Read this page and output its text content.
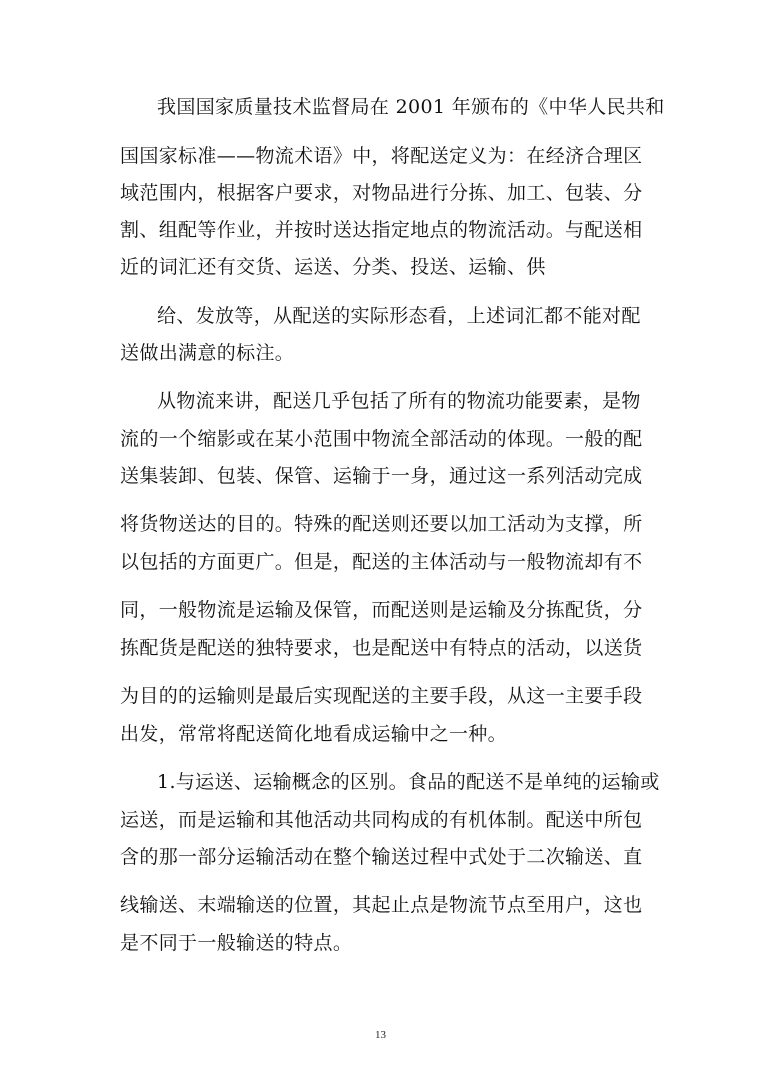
我国国家质量技术监督局在 2001 年颁布的《中华人民共和
国国家标准——物流术语》中，将配送定义为：在经济合理区
域范围内，根据客户要求，对物品进行分拣、加工、包装、分
割、组配等作业，并按时送达指定地点的物流活动。与配送相
近的词汇还有交货、运送、分类、投送、运输、供
给、发放等，从配送的实际形态看，上述词汇都不能对配
送做出满意的标注。
从物流来讲，配送几乎包括了所有的物流功能要素，是物
流的一个缩影或在某小范围中物流全部活动的体现。一般的配
送集装卸、包装、保管、运输于一身，通过这一系列活动完成
将货物送达的目的。特殊的配送则还要以加工活动为支撑，所
以包括的方面更广。但是，配送的主体活动与一般物流却有不
同，一般物流是运输及保管，而配送则是运输及分拣配货，分
拣配货是配送的独特要求，也是配送中有特点的活动，以送货
为目的的运输则是最后实现配送的主要手段，从这一主要手段
出发，常常将配送简化地看成运输中之一种。
1.与运送、运输概念的区别。食品的配送不是单纯的运输或
运送，而是运输和其他活动共同构成的有机体制。配送中所包
含的那一部分运输活动在整个输送过程中式处于二次输送、直
线输送、末端输送的位置，其起止点是物流节点至用户，这也
是不同于一般输送的特点。
13
